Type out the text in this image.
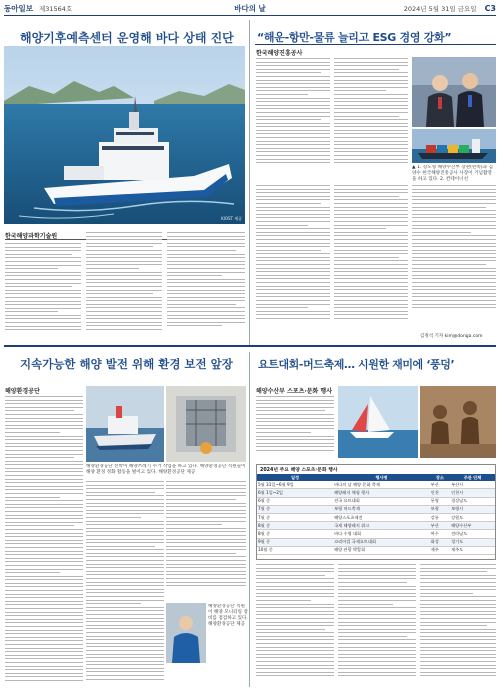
동아일보 제31564호	바다의 날	2024년 5월 31일 금요일 C3
해양기후예측센터 운영해 바다 상태 진단
KIOST 제공
한국해양과학기술원
“해운-항만-물류 늘리고 ESG 경영 강화”
한국해양진흥공사
▲ 1. 강도형 해양수산부 장관(왼쪽)과 김양수 한국해양진흥공사 사장이 기념촬영을 하고 있다. 2. 컨테이너선
김정석 기자 kim@donga.com
지속가능한 해양 발전 위해 환경 보전 앞장
해양환경공단
해양환경공단 선박이 해양쓰레기 수거 작업을 하고 있다. 해양환경공단 직원들이 해양 환경 정화 활동을 벌이고 있다. 해양환경공단 제공
해양환경공단 직원이 해양 모니터링 장비를 점검하고 있다. 해양환경공단 제공
요트대회-머드축제… 시원한 재미에 ‘풍덩’
해양수산부 스포츠·문화 행사
2024년 주요 해양 스포츠·문화 행사
일정	행사명	장소	주관 단체
5월 31일~6월 9일	바다의 날 해양 문화 축제	부산	부산시
6월 1일~2일	해양레저 체험 행사	인천	인천시
6월 중	전국 요트대회	통영	경상남도
7월 중	보령 머드축제	보령	보령시
7월 중	해양스포츠제전	강릉	강원도
8월 중	국제 해양레저 위크	부산	해양수산부
8월 중	바다 수영 대회	여수	전라남도
9월 중	코리아컵 국제요트대회	화성	경기도
10월 중	해양 관광 박람회	제주	제주도
